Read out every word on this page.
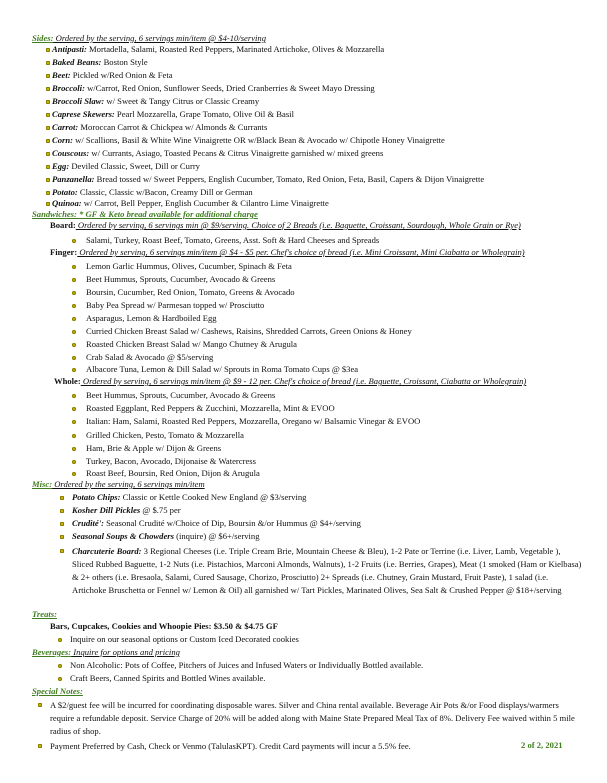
Sides: Ordered by the serving, 6 servings min/item @ $4-10/serving
Antipasti: Mortadella, Salami, Roasted Red Peppers, Marinated Artichoke, Olives & Mozzarella
Baked Beans: Boston Style
Beet: Pickled w/Red Onion & Feta
Broccoli: w/Carrot, Red Onion, Sunflower Seeds, Dried Cranberries & Sweet Mayo Dressing
Broccoli Slaw: w/ Sweet & Tangy Citrus or Classic Creamy
Caprese Skewers: Pearl Mozzarella, Grape Tomato, Olive Oil & Basil
Carrot: Moroccan Carrot & Chickpea w/ Almonds & Currants
Corn: w/ Scallions, Basil & White Wine Vinaigrette OR w/Black Bean & Avocado w/ Chipotle Honey Vinaigrette
Couscous: w/ Currants, Asiago, Toasted Pecans & Citrus Vinaigrette garnished w/ mixed greens
Egg: Deviled Classic, Sweet, Dill or Curry
Panzanella: Bread tossed w/ Sweet Peppers, English Cucumber, Tomato, Red Onion, Feta, Basil, Capers & Dijon Vinaigrette
Potato: Classic, Classic w/Bacon, Creamy Dill or German
Quinoa: w/ Carrot, Bell Pepper, English Cucumber & Cilantro Lime Vinaigrette
Sandwiches: * GF & Keto bread available for additional charge
Board: Ordered by serving, 6 servings min @ $9/serving. Choice of 2 Breads (i.e. Baguette, Croissant, Sourdough, Whole Grain or Rye)
Salami, Turkey, Roast Beef, Tomato, Greens, Asst. Soft & Hard Cheeses and Spreads
Finger: Ordered by serving, 6 servings min/item @ $4 - $5 per. Chef's choice of bread (i.e. Mini Croissant, Mini Ciabatta or Wholegrain)
Lemon Garlic Hummus, Olives, Cucumber, Spinach & Feta
Beet Hummus, Sprouts, Cucumber, Avocado & Greens
Boursin, Cucumber, Red Onion, Tomato, Greens & Avocado
Baby Pea Spread w/ Parmesan topped w/ Prosciutto
Asparagus, Lemon & Hardboiled Egg
Curried Chicken Breast Salad w/ Cashews, Raisins, Shredded Carrots, Green Onions & Honey
Roasted Chicken Breast Salad w/ Mango Chutney & Arugula
Crab Salad & Avocado @ $5/serving
Albacore Tuna, Lemon & Dill Salad w/ Sprouts in Roma Tomato Cups @ $3ea
Whole: Ordered by serving, 6 servings min/item @ $9 - 12 per. Chef's choice of bread (i.e. Baguette, Croissant, Ciabatta or Wholegrain)
Beet Hummus, Sprouts, Cucumber, Avocado & Greens
Roasted Eggplant, Red Peppers & Zucchini, Mozzarella, Mint & EVOO
Italian: Ham, Salami, Roasted Red Peppers, Mozzarella, Oregano w/ Balsamic Vinegar & EVOO
Grilled Chicken, Pesto, Tomato & Mozzarella
Ham, Brie & Apple w/ Dijon & Greens
Turkey, Bacon, Avocado, Dijonaise & Watercress
Roast Beef, Boursin, Red Onion, Dijon & Arugula
Misc: Ordered by the serving, 6 servings min/item
Potato Chips: Classic or Kettle Cooked New England @ $3/serving
Kosher Dill Pickles @ $.75 per
Crudité': Seasonal Crudité w/Choice of Dip, Boursin &/or Hummus @ $4+/serving
Seasonal Soups & Chowders (inquire) @ $6+/serving
Charcuterie Board: 3 Regional Cheeses (i.e. Triple Cream Brie, Mountain Cheese & Bleu), 1-2 Pate or Terrine (i.e. Liver, Lamb, Vegetable ), Sliced Rubbed Baguette, 1-2 Nuts (i.e. Pistachios, Marconi Almonds, Walnuts), 1-2 Fruits (i.e. Berries, Grapes), Meat (1 smoked (Ham or Kielbasa) & 2+ others (i.e. Bresaola, Salami, Cured Sausage, Chorizo, Prosciutto) 2+ Spreads (i.e. Chutney, Grain Mustard, Fruit Paste), 1 salad (i.e. Artichoke Bruschetta or Fennel w/ Lemon & Oil) all garnished w/ Tart Pickles, Marinated Olives, Sea Salt & Crushed Pepper @ $18+/serving
Treats:
Bars, Cupcakes, Cookies and Whoopie Pies: $3.50 & $4.75 GF
Inquire on our seasonal options or Custom Iced Decorated cookies
Beverages: Inquire for options and pricing
Non Alcoholic: Pots of Coffee, Pitchers of Juices and Infused Waters or Individually Bottled available.
Craft Beers, Canned Spirits and Bottled Wines available.
Special Notes:
A $2/guest fee will be incurred for coordinating disposable wares. Silver and China rental available. Beverage Air Pots &/or Food displays/warmers require a refundable deposit. Service Charge of 20% will be added along with Maine State Prepared Meal Tax of 8%. Delivery Fee waived within 5 mile radius of shop.
Payment Preferred by Cash, Check or Venmo (TalulasKPT). Credit Card payments will incur a 5.5% fee.	2 of 2, 2021
